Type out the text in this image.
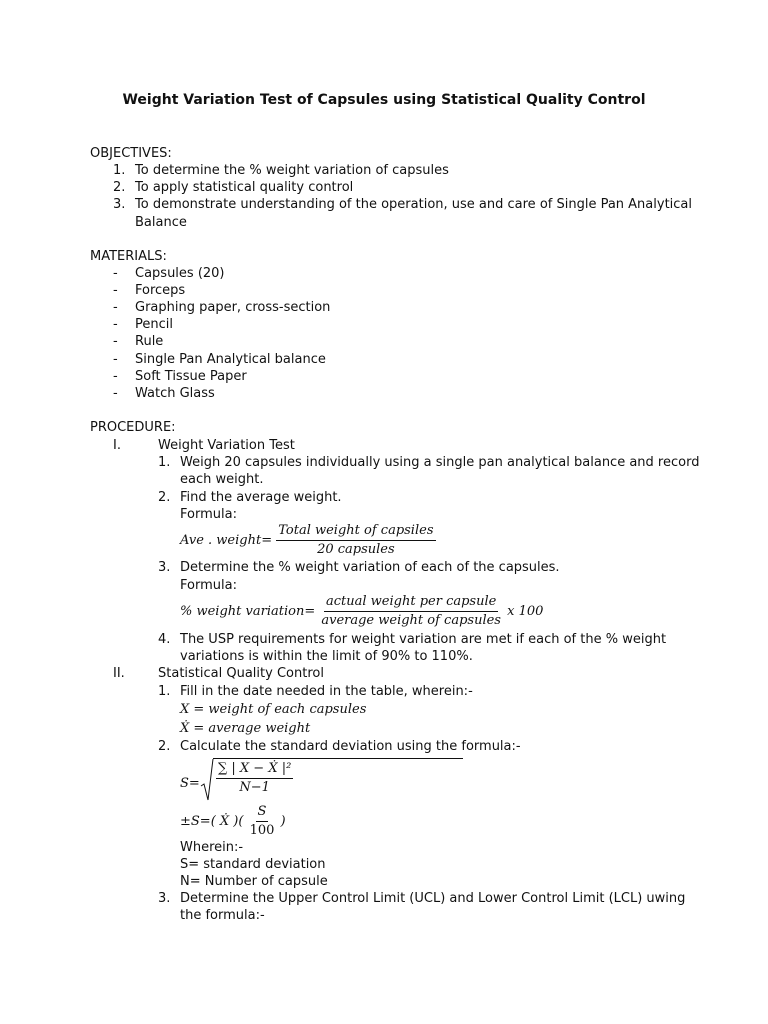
Weight Variation Test of Capsules using Statistical Quality Control
OBJECTIVES:
1. To determine the % weight variation of capsules
2. To apply statistical quality control
3. To demonstrate understanding of the operation, use and care of Single Pan Analytical
Balance
MATERIALS:
- Capsules (20)
- Forceps
- Graphing paper, cross-section
- Pencil
- Rule
- Single Pan Analytical balance
- Soft Tissue Paper
- Watch Glass
PROCEDURE:
I.	Weight Variation Test
1. Weigh 20 capsules individually using a single pan analytical balance and record
each weight.
2. Find the average weight.
Formula:
Ave . weight= $\frac{\text{Total weight of capsiles}}{\text{20 capsules}}$
3. Determine the % weight variation of each of the capsules.
Formula:
% weight variation= $\frac{\text{actual weight per capsule}}{\text{average weight of capsules}}$ x 100
4. The USP requirements for weight variation are met if each of the % weight
variations is within the limit of 90% to 110%.
II.	Statistical Quality Control
1. Fill in the date needed in the table, wherein:-
X = weight of each capsules
Ẋ = average weight
2. Calculate the standard deviation using the formula:-
$S= \frac{\text{∑ | X − Ẋ |²}}{N-1}$
±S=( Ẋ )( $\frac{S}{100}$ )
Wherein:-
S= standard deviation
N= Number of capsule
3. Determine the Upper Control Limit (UCL) and Lower Control Limit (LCL) uwing
the formula:-
